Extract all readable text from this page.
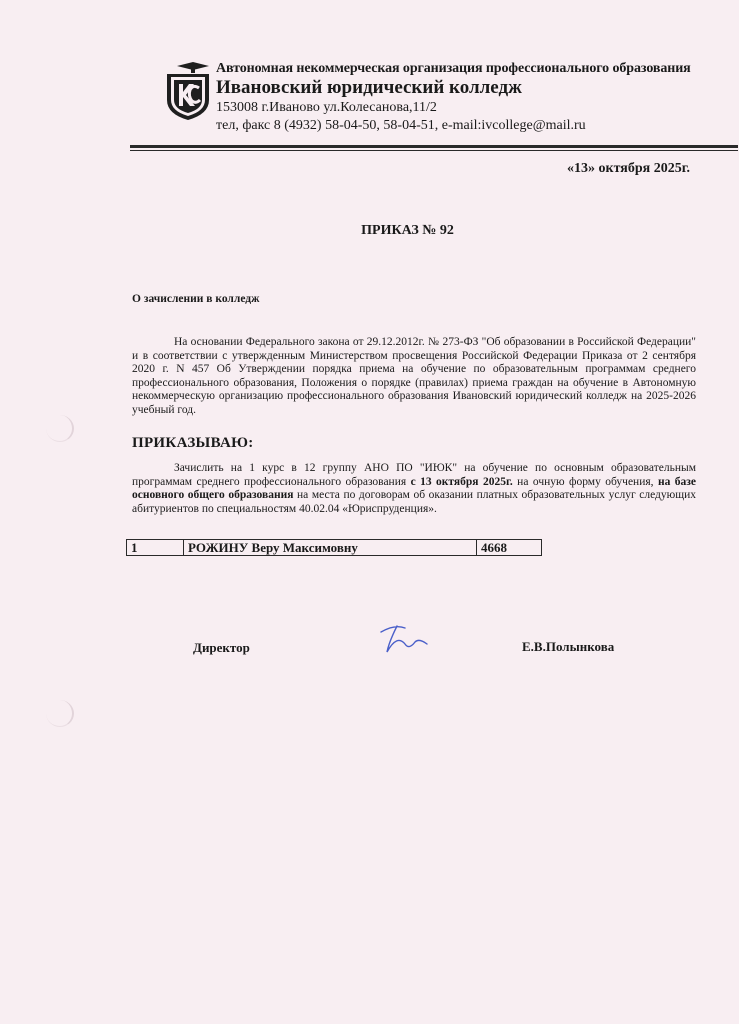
Автономная некоммерческая организация профессионального образования
Ивановский юридический колледж
153008 г.Иваново ул.Колесанова,11/2
тел, факс 8 (4932) 58-04-50, 58-04-51, e-mail:ivcollege@mail.ru
«13» октября 2025г.
ПРИКАЗ № 92
О зачислении в колледж
На основании Федерального закона от 29.12.2012г. № 273-ФЗ "Об образовании в Российской Федерации" и в соответствии с утвержденным Министерством просвещения Российской Федерации Приказа от 2 сентября 2020 г. N 457 Об Утверждении порядка приема на обучение по образовательным программам среднего профессионального образования, Положения о порядке (правилах) приема граждан на обучение в Автономную некоммерческую организацию профессионального образования Ивановский юридический колледж на 2025-2026 учебный год.
ПРИКАЗЫВАЮ:
Зачислить на 1 курс в 12 группу АНО ПО "ИЮК" на обучение по основным образовательным программам среднего профессионального образования с 13 октября 2025г. на очную форму обучения, на базе основного общего образования на места по договорам об оказании платных образовательных услуг следующих абитуриентов по специальностям 40.02.04 «Юриспруденция».
1	РОЖИНУ Веру Максимовну	4668
Директор	Е.В.Полынкова
